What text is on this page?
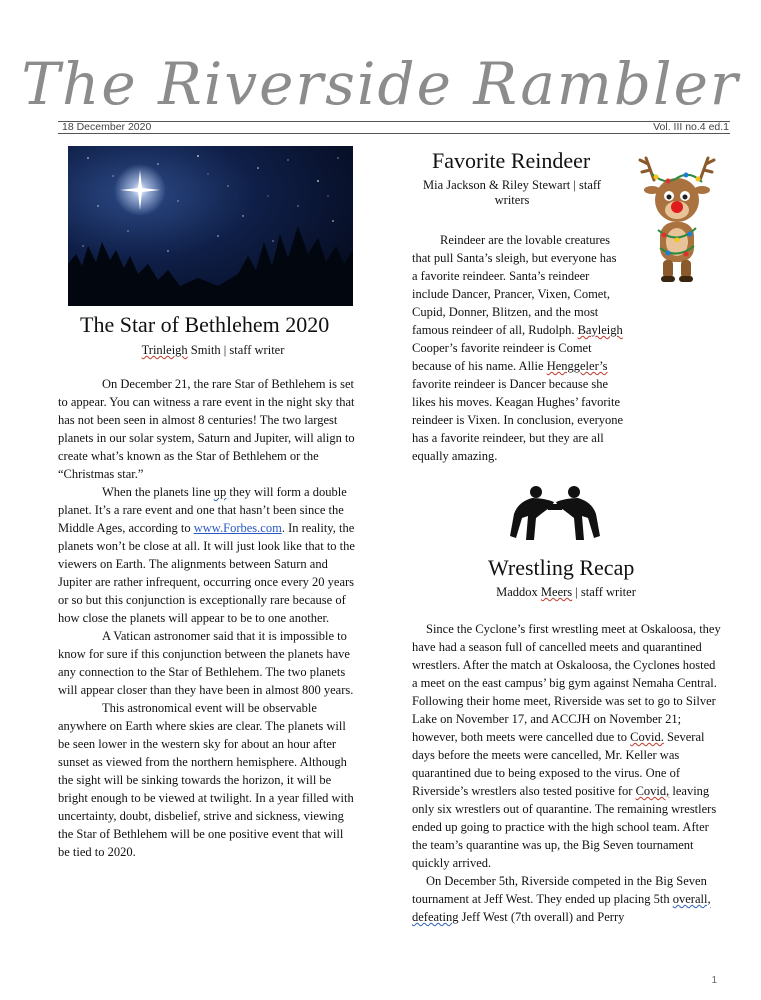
The Riverside Rambler
18 December 2020	Vol. III no.4 ed.1
The Star of Bethlehem 2020
Trinleigh Smith | staff writer

On December 21, the rare Star of Bethlehem is set to appear. You can witness a rare event in the night sky that has not been seen in almost 8 centuries! The two largest planets in our solar system, Saturn and Jupiter, will align to create what’s known as the Star of Bethlehem or the “Christmas star.”

When the planets line up they will form a double planet. It’s a rare event and one that hasn’t been since the Middle Ages, according to www.Forbes.com. In reality, the planets won’t be close at all. It will just look like that to the viewers on Earth. The alignments between Saturn and Jupiter are rather infrequent, occurring once every 20 years or so but this conjunction is exceptionally rare because of how close the planets will appear to be to one another.

A Vatican astronomer said that it is impossible to know for sure if this conjunction between the planets have any connection to the Star of Bethlehem. The two planets will appear closer than they have been in almost 800 years.

This astronomical event will be observable anywhere on Earth where skies are clear. The planets will be seen lower in the western sky for about an hour after sunset as viewed from the northern hemisphere. Although the sight will be sinking towards the horizon, it will be bright enough to be viewed at twilight. In a year filled with uncertainty, doubt, disbelief, strive and sickness, viewing the Star of Bethlehem will be one positive event that will be tied to 2020.

Favorite Reindeer
Mia Jackson & Riley Stewart | staff writers

Reindeer are the lovable creatures that pull Santa’s sleigh, but everyone has a favorite reindeer. Santa’s reindeer include Dancer, Prancer, Vixen, Comet, Cupid, Donner, Blitzen, and the most famous reindeer of all, Rudolph. Bayleigh Cooper’s favorite reindeer is Comet because of his name. Allie Henggeler’s favorite reindeer is Dancer because she likes his moves. Keagan Hughes’ favorite reindeer is Vixen. In conclusion, everyone has a favorite reindeer, but they are all equally amazing.

Wrestling Recap
Maddox Meers | staff writer

Since the Cyclone’s first wrestling meet at Oskaloosa, they have had a season full of cancelled meets and quarantined wrestlers. After the match at Oskaloosa, the Cyclones hosted a meet on the east campus’ big gym against Nemaha Central. Following their home meet, Riverside was set to go to Silver Lake on November 17, and ACCJH on November 21; however, both meets were cancelled due to Covid. Several days before the meets were cancelled, Mr. Keller was quarantined due to being exposed to the virus. One of Riverside’s wrestlers also tested positive for Covid, leaving only six wrestlers out of quarantine. The remaining wrestlers ended up going to practice with the high school team. After the team’s quarantine was up, the Big Seven tournament quickly arrived.

On December 5th, Riverside competed in the Big Seven tournament at Jeff West. They ended up placing 5th overall, defeating Jeff West (7th overall) and Perry

1
